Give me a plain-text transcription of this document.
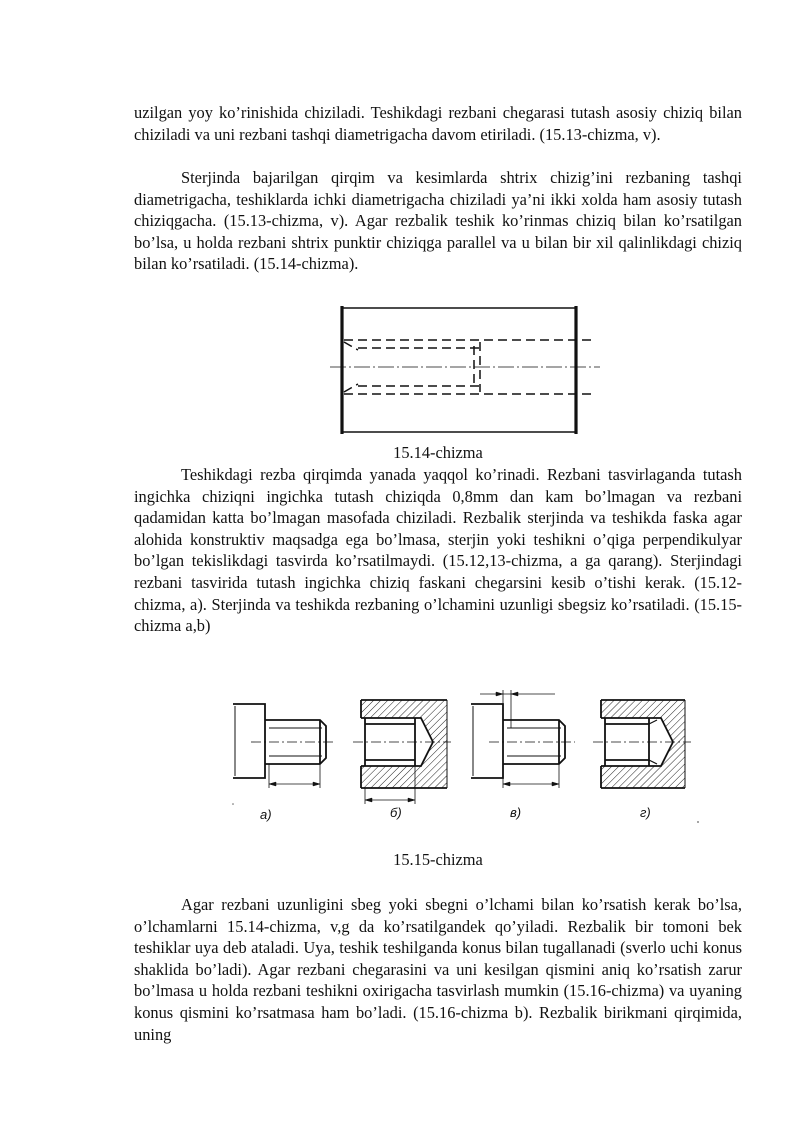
uzilgan yoy ko’rinishida chiziladi. Teshikdagi rezbani chegarasi tutash asosiy chiziq bilan chiziladi va uni rezbani tashqi diametrigacha davom etiriladi. (15.13-chizma, v).

Sterjinda bajarilgan qirqim va kesimlarda shtrix chizig’ini rezbaning tashqi diametrigacha, teshiklarda ichki diametrigacha chiziladi ya’ni ikki xolda ham asosiy tutash chiziqgacha. (15.13-chizma, v). Agar rezbalik teshik ko’rinmas chiziq bilan ko’rsatilgan bo’lsa, u holda rezbani shtrix punktir chiziqga parallel va u bilan bir xil qalinlikdagi chiziq bilan ko’rsatiladi. (15.14-chizma).

15.14-chizma

Teshikdagi rezba qirqimda yanada yaqqol ko’rinadi. Rezbani tasvirlaganda tutash ingichka chiziqni ingichka tutash chiziqda 0,8mm dan kam bo’lmagan va rezbani qadamidan katta bo’lmagan masofada chiziladi. Rezbalik sterjinda va teshikda faska agar alohida konstruktiv maqsadga ega bo’lmasa, sterjin yoki teshikni o’qiga perpendikulyar bo’lgan tekislikdagi tasvirda ko’rsatilmaydi. (15.12,13-chizma, a ga qarang). Sterjindagi rezbani tasvirida tutash ingichka chiziq faskani chegarsini kesib o’tishi kerak. (15.12-chizma, a). Sterjinda va teshikda rezbaning o’lchamini uzunligi sbegsiz ko’rsatiladi. (15.15-chizma a,b)

а)	б)	в)	г)

15.15-chizma

Agar rezbani uzunligini sbeg yoki sbegni o’lchami bilan ko’rsatish kerak bo’lsa, o’lchamlarni 15.14-chizma, v,g da ko’rsatilgandek qo’yiladi. Rezbalik bir tomoni bek teshiklar uya deb ataladi. Uya, teshik teshilganda konus bilan tugallanadi (sverlo uchi konus shaklida bo’ladi). Agar rezbani chegarasini va uni kesilgan qismini aniq ko’rsatish zarur bo’lmasa u holda rezbani teshikni oxirigacha tasvirlash mumkin (15.16-chizma) va uyaning konus qismini ko’rsatmasa ham bo’ladi. (15.16-chizma b). Rezbalik birikmani qirqimida, uning
